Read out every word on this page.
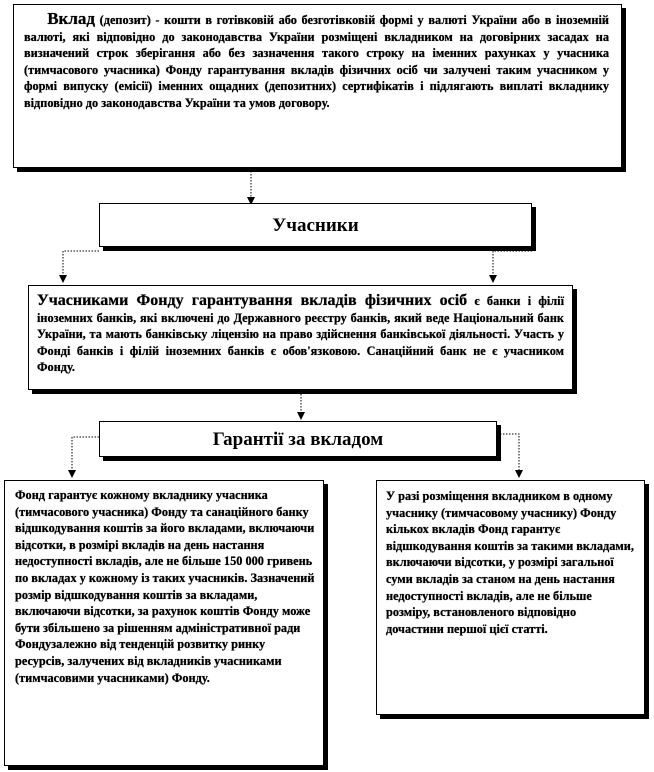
Вклад (депозит) - кошти в готівковій або безготівковій формі у валюті України або в іноземній валюті, які відповідно до законодавства України розміщені вкладником на договірних засадах на визначений строк зберігання або без зазначення такого строку на іменних рахунках у учасника (тимчасового учасника) Фонду гарантування вкладів фізичних осіб чи залучені таким учасником у формі випуску (емісії) іменних ощадних (депозитних) сертифікатів і підлягають виплаті вкладнику відповідно до законодавства України та умов договору.
Учасники
Учасниками Фонду гарантування вкладів фізичних осіб є банки і філії іноземних банків, які включені до Державного реєстру банків, який веде Національний банк України, та мають банківську ліцензію на право здійснення банківської діяльності. Участь у Фонді банків і філій іноземних банків є обов'язковою. Санаційний банк не є учасником Фонду.
Гарантії за вкладом
Фонд гарантує кожному вкладнику учасника (тимчасового учасника) Фонду та санаційного банку відшкодування коштів за його вкладами, включаючи відсотки, в розмірі вкладів на день настання недоступності вкладів, але не більше 150 000 гривень по вкладах у кожному із таких учасників. Зазначений розмір відшкодування коштів за вкладами, включаючи відсотки, за рахунок коштів Фонду може бути збільшено за рішенням адміністративної ради Фондузалежно від тенденцій розвитку ринку ресурсів, залучених від вкладників учасниками (тимчасовими учасниками) Фонду.
У разі розміщення вкладником в одному учаснику (тимчасовому учаснику) Фонду кількох вкладів Фонд гарантує відшкодування коштів за такими вкладами, включаючи відсотки, у розмірі загальної суми вкладів за станом на день настання недоступності вкладів, але не більше розміру, встановленого відповідно дочастини першої цієї статті.
